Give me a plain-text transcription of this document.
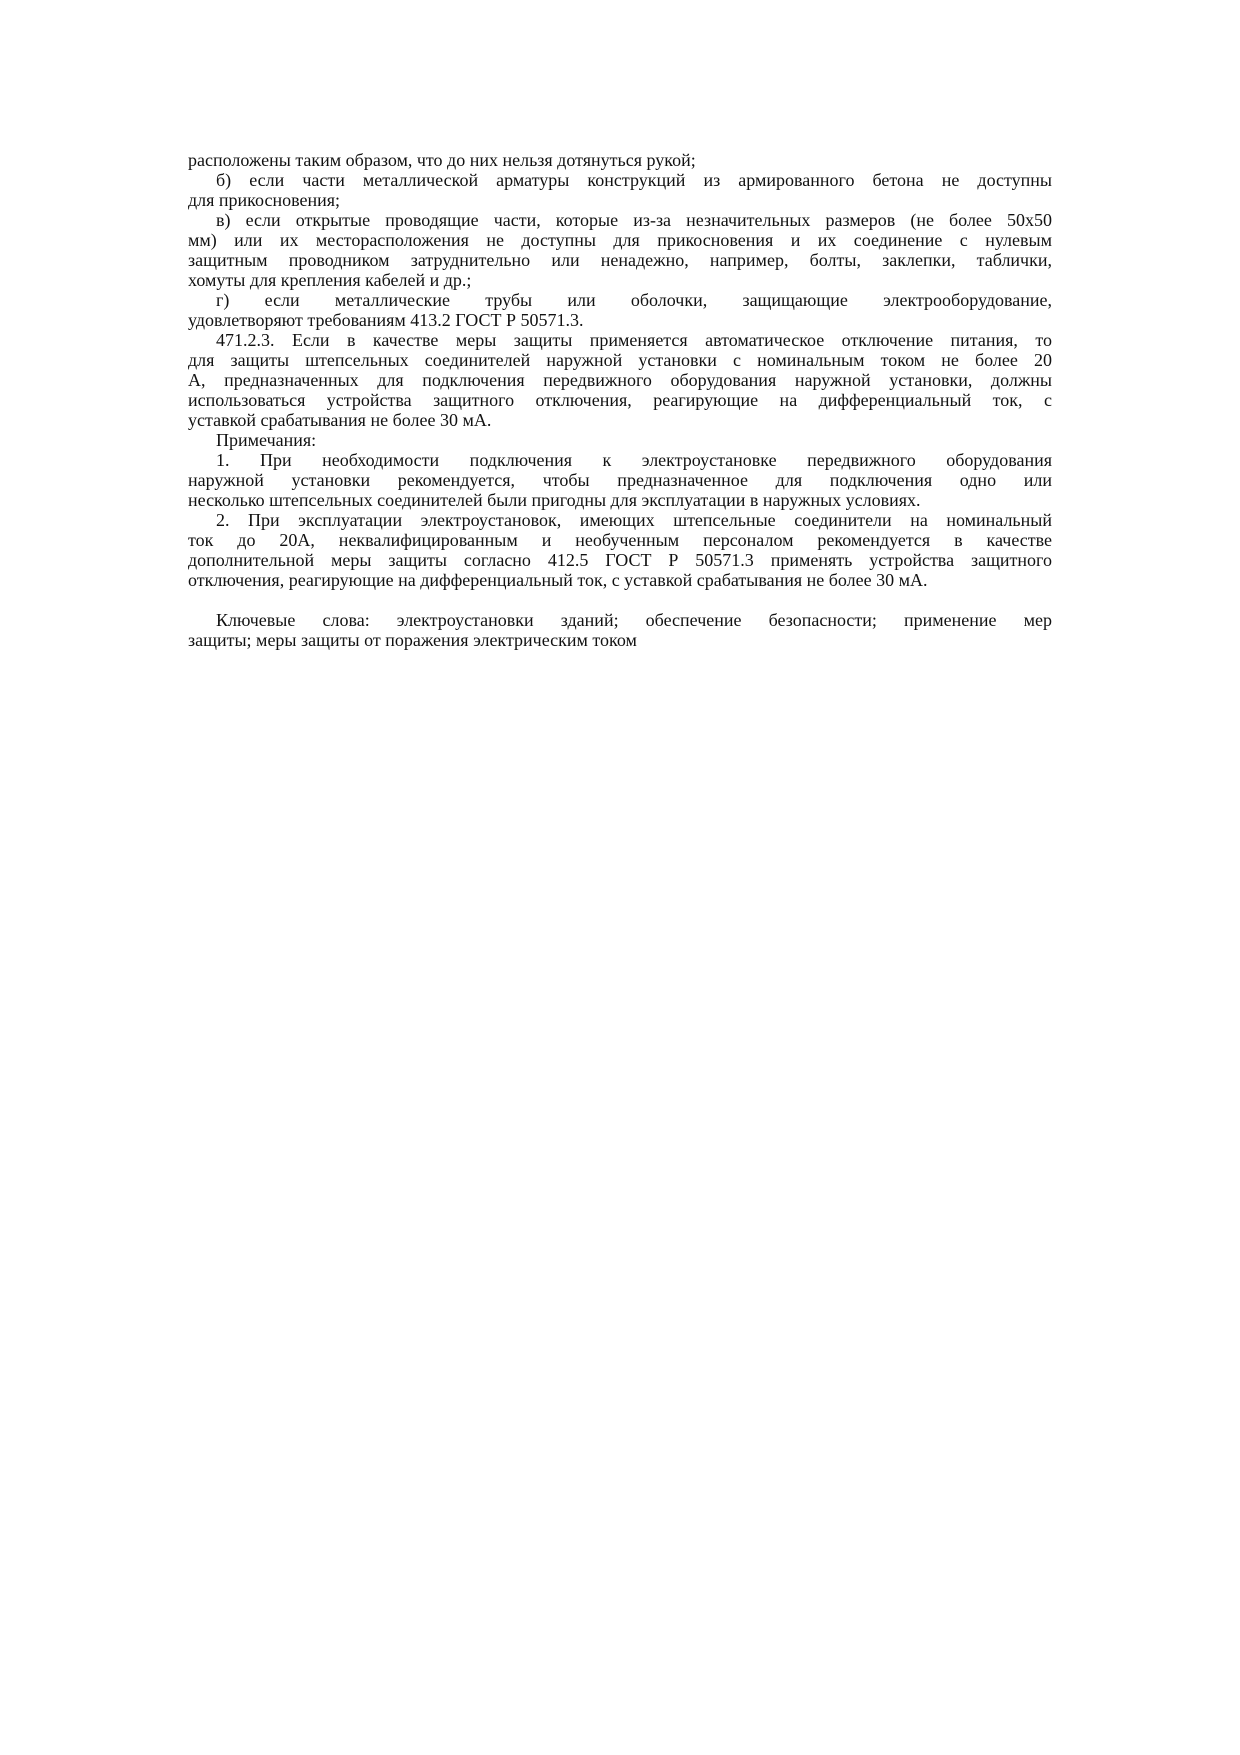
расположены таким образом, что до них нельзя дотянуться рукой;
б) если части металлической арматуры конструкций из армированного бетона не доступны
для прикосновения;
в) если открытые проводящие части, которые из-за незначительных размеров (не более 50х50
мм) или их месторасположения не доступны для прикосновения и их соединение с нулевым
защитным проводником затруднительно или ненадежно, например, болты, заклепки, таблички,
хомуты для крепления кабелей и др.;
г) если металлические трубы или оболочки, защищающие электрооборудование,
удовлетворяют требованиям 413.2 ГОСТ Р 50571.3.
471.2.3. Если в качестве меры защиты применяется автоматическое отключение питания, то
для защиты штепсельных соединителей наружной установки с номинальным током не более 20
А, предназначенных для подключения передвижного оборудования наружной установки, должны
использоваться устройства защитного отключения, реагирующие на дифференциальный ток, с
уставкой срабатывания не более 30 мА.
Примечания:
1. При необходимости подключения к электроустановке передвижного оборудования
наружной установки рекомендуется, чтобы предназначенное для подключения одно или
несколько штепсельных соединителей были пригодны для эксплуатации в наружных условиях.
2. При эксплуатации электроустановок, имеющих штепсельные соединители на номинальный
ток до 20А, неквалифицированным и необученным персоналом рекомендуется в качестве
дополнительной меры защиты согласно 412.5 ГОСТ Р 50571.3 применять устройства защитного
отключения, реагирующие на дифференциальный ток, с уставкой срабатывания не более 30 мА.
Ключевые слова: электроустановки зданий; обеспечение безопасности; применение мер
защиты; меры защиты от поражения электрическим током
